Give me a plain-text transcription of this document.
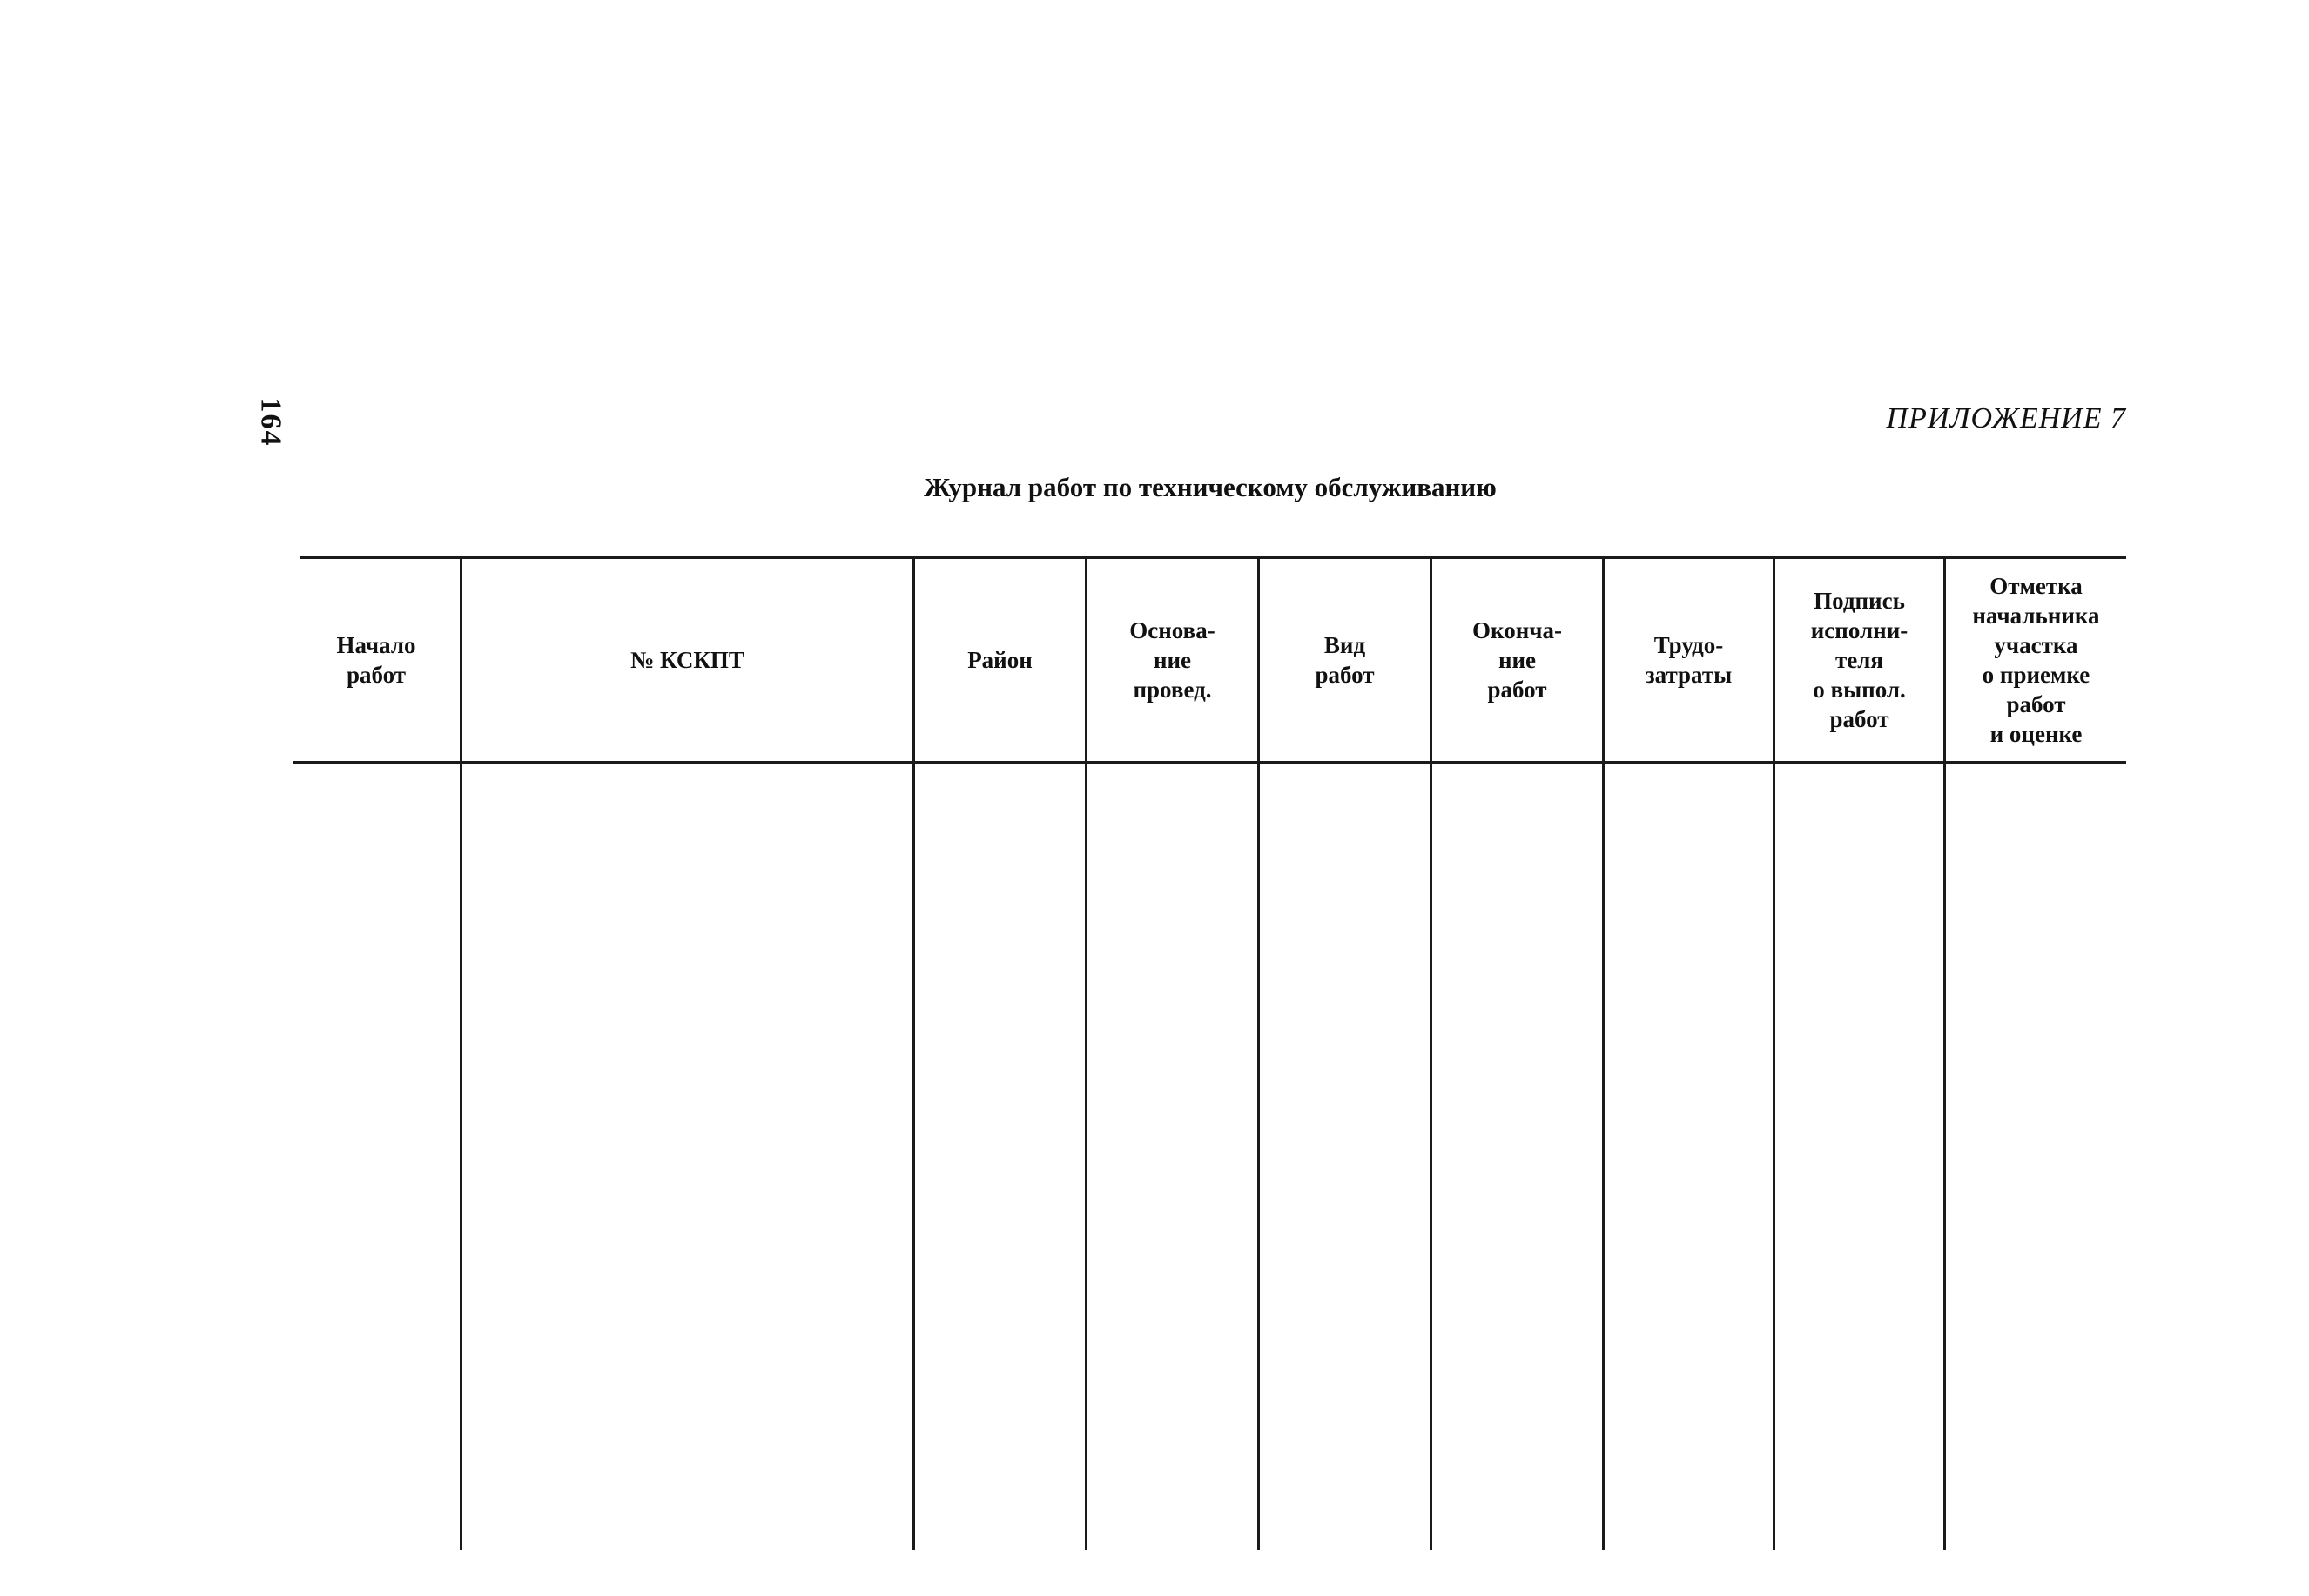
164	ПРИЛОЖЕНИЕ 7
Журнал работ по техническому обслуживанию
Начало
работ
№ КСКПТ	Район
Основа-
ние
провед.
Вид
работ
Оконча-
ние
работ
Трудо-
затраты
Подпись
исполни-
теля
о выпол.
работ
Отметка
начальника
участка
о приемке
работ
и оценке
